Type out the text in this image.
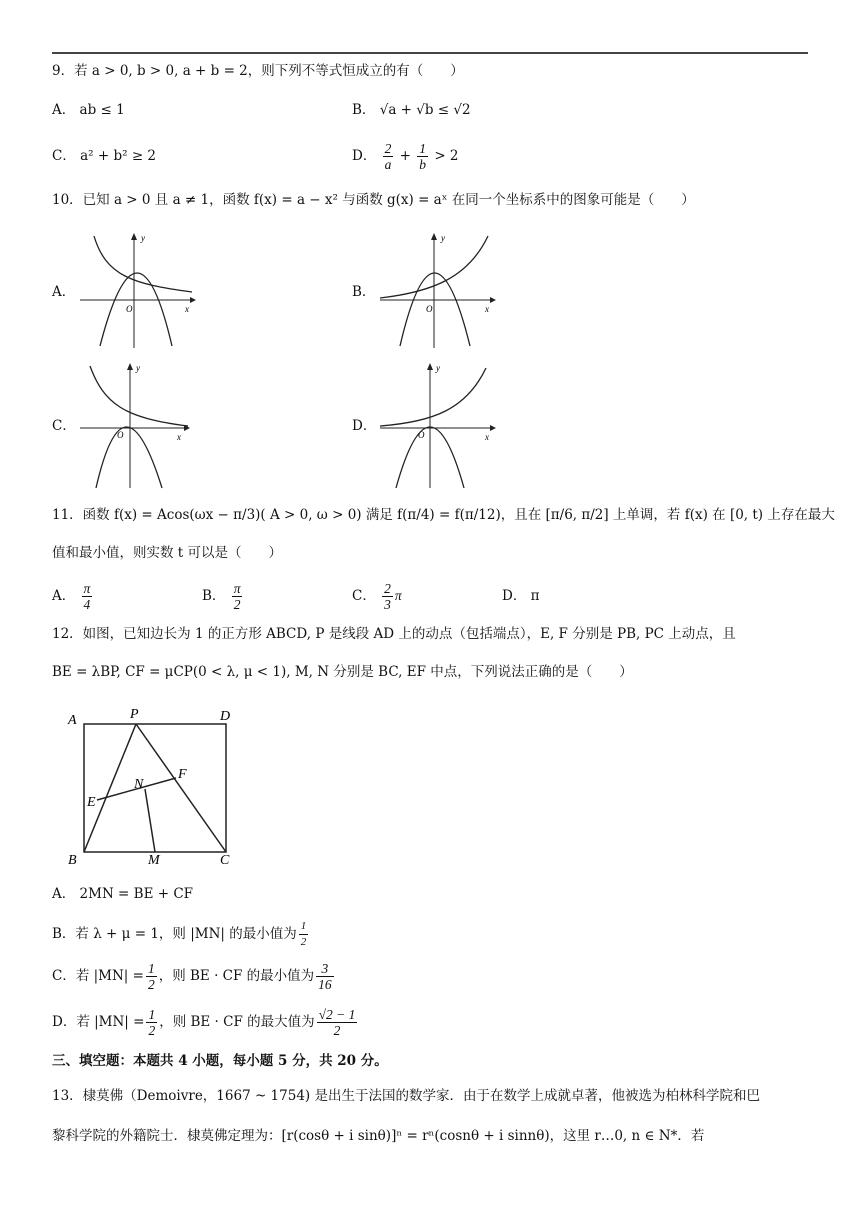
9．若 a > 0, b > 0, a + b = 2，则下列不等式恒成立的有（　　）
A． ab ≤ 1	B． √a + √b ≤ √2
C． a² + b² ≥ 2	D． $\frac{2}{a} + \frac{1}{b} > 2$
10．已知 a > 0 且 a ≠ 1，函数 f(x) = a − x² 与函数 g(x) = aˣ 在同一个坐标系中的图象可能是（　　）
A．
y
x
O
B．
y
x
O
C．
y
x
O
D．
y
x
O
11．函数 f(x) = Acos(ωx − π/3)( A > 0, ω > 0) 满足 f(π/4) = f(π/12)，且在 [π/6, π/2] 上单调，若 f(x) 在 [0, t) 上存在最大
值和最小值，则实数 t 可以是（　　）
A． $\frac{\pi}{4}$	B． $\frac{\pi}{2}$	C． $\frac{2}{3}$ π	D． π
12．如图，已知边长为 1 的正方形 ABCD, P 是线段 AD 上的动点（包括端点），E, F 分别是 PB, PC 上动点，且
BE = λBP, CF = μCP(0 < λ, μ < 1), M, N 分别是 BC, EF 中点，下列说法正确的是（　　）
A	P	D
F
N
E
B	M	C
A． 2MN = BE + CF
B．若 λ + μ = 1，则 |MN| 的最小值为 $\frac{1}{2}$
C．若 $|MN| = \frac{1}{2}$ ，则 BE · CF 的最小值为 $\frac{3}{16}$
D．若 $|MN| = \frac{1}{2}$ ，则 BE · CF 的最大值为 $\frac{√2 - 1}{2}$
三、填空题：本题共 4 小题，每小题 5 分，共 20 分。
13．棣莫佛（Demoivre，1667 ~ 1754) 是出生于法国的数学家．由于在数学上成就卓著，他被选为柏林科学院和巴
黎科学院的外籍院士．棣莫佛定理为：[r(cosθ + i sinθ)]ⁿ = rⁿ(cosnθ + i sinnθ)，这里 r…0, n ∈ N*．若
